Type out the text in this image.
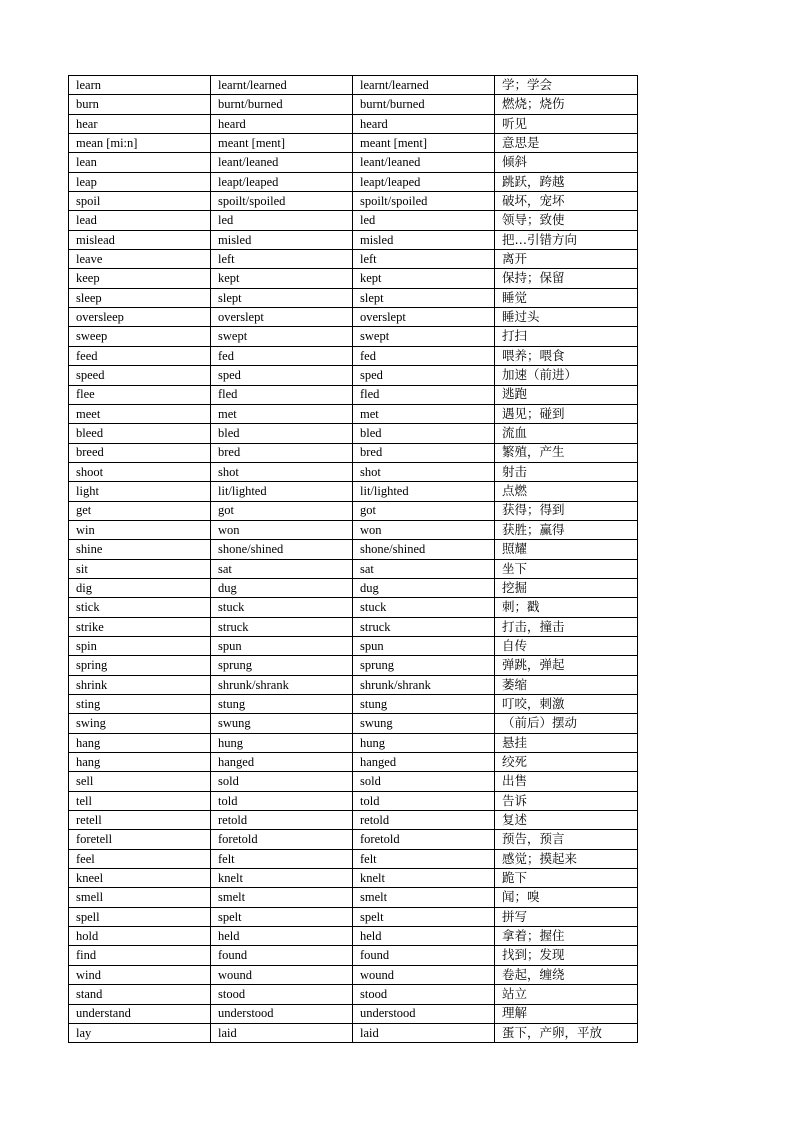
learn	learnt/learned	learnt/learned	学；学会
burn	burnt/burned	burnt/burned	燃烧；烧伤
hear	heard	heard	听见
mean [mi:n]	meant [ment]	meant [ment]	意思是
lean	leant/leaned	leant/leaned	倾斜
leap	leapt/leaped	leapt/leaped	跳跃，跨越
spoil	spoilt/spoiled	spoilt/spoiled	破坏，宠坏
lead	led	led	领导；致使
mislead	misled	misled	把…引错方向
leave	left	left	离开
keep	kept	kept	保持；保留
sleep	slept	slept	睡觉
oversleep	overslept	overslept	睡过头
sweep	swept	swept	打扫
feed	fed	fed	喂养；喂食
speed	sped	sped	加速（前进）
flee	fled	fled	逃跑
meet	met	met	遇见；碰到
bleed	bled	bled	流血
breed	bred	bred	繁殖，产生
shoot	shot	shot	射击
light	lit/lighted	lit/lighted	点燃
get	got	got	获得；得到
win	won	won	获胜；赢得
shine	shone/shined	shone/shined	照耀
sit	sat	sat	坐下
dig	dug	dug	挖掘
stick	stuck	stuck	刺；戳
strike	struck	struck	打击，撞击
spin	spun	spun	自传
spring	sprung	sprung	弹跳，弹起
shrink	shrunk/shrank	shrunk/shrank	萎缩
sting	stung	stung	叮咬，刺激
swing	swung	swung	（前后）摆动
hang	hung	hung	悬挂
hang	hanged	hanged	绞死
sell	sold	sold	出售
tell	told	told	告诉
retell	retold	retold	复述
foretell	foretold	foretold	预告，预言
feel	felt	felt	感觉；摸起来
kneel	knelt	knelt	跪下
smell	smelt	smelt	闻；嗅
spell	spelt	spelt	拼写
hold	held	held	拿着；握住
find	found	found	找到；发现
wind	wound	wound	卷起，缠绕
stand	stood	stood	站立
understand	understood	understood	理解
lay	laid	laid	蛋下，产卵，平放
